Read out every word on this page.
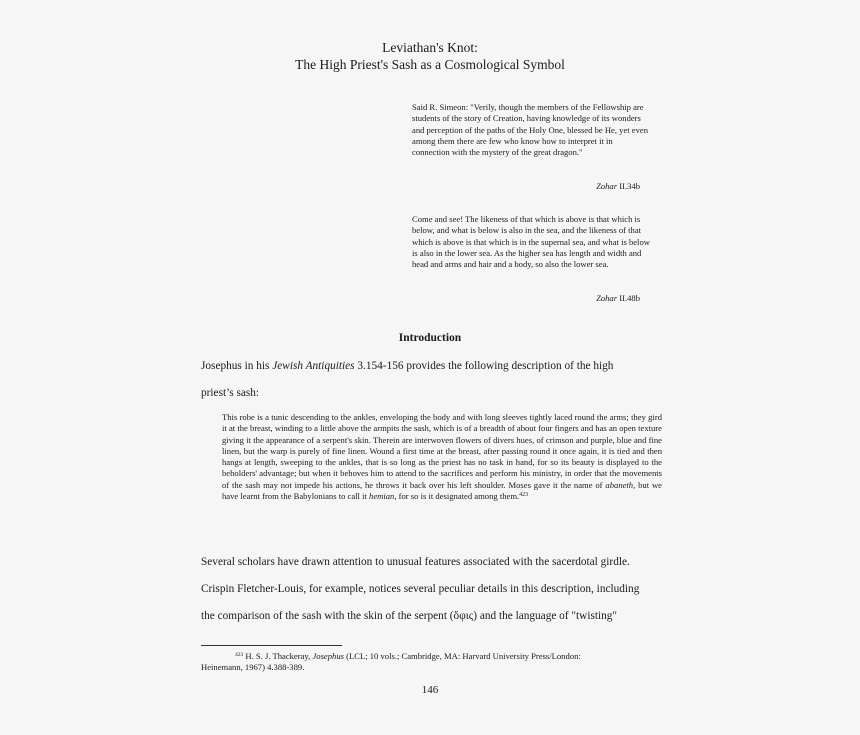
Leviathan's Knot:
The High Priest's Sash as a Cosmological Symbol
Said R. Simeon: "Verily, though the members of the Fellowship are students of the story of Creation, having knowledge of its wonders and perception of the paths of the Holy One, blessed be He, yet even among them there are few who know how to interpret it in connection with the mystery of the great dragon."
Zohar II.34b
Come and see! The likeness of that which is above is that which is below, and what is below is also in the sea, and the likeness of that which is above is that which is in the supernal sea, and what is below is also in the lower sea. As the higher sea has length and width and head and arms and hair and a body, so also the lower sea.
Zohar II.48b
Introduction
Josephus in his Jewish Antiquities 3.154-156 provides the following description of the high
priest’s sash:
This robe is a tunic descending to the ankles, enveloping the body and with long sleeves tightly laced round the arms; they gird it at the breast, winding to a little above the armpits the sash, which is of a breadth of about four fingers and has an open texture giving it the appearance of a serpent's skin. Therein are interwoven flowers of divers hues, of crimson and purple, blue and fine linen, but the warp is purely of fine linen. Wound a first time at the breast, after passing round it once again, it is tied and then hangs at length, sweeping to the ankles, that is so long as the priest has no task in hand, for so its beauty is displayed to the beholders' advantage; but when it behoves him to attend to the sacrifices and perform his ministry, in order that the movements of the sash may not impede his actions, he throws it back over his left shoulder. Moses gave it the name of abaneth, but we have learnt from the Babylonians to call it hemian, for so is it designated among them.$^{423}$
Several scholars have drawn attention to unusual features associated with the sacerdotal girdle.
Crispin Fletcher-Louis, for example, notices several peculiar details in this description, including
the comparison of the sash with the skin of the serpent (ὄφις) and the language of "twisting"
$^{423}$ H. S. J. Thackeray, Josephus (LCL; 10 vols.; Cambridge, MA: Harvard University Press/London:
Heinemann, 1967) 4.388-389.
146
